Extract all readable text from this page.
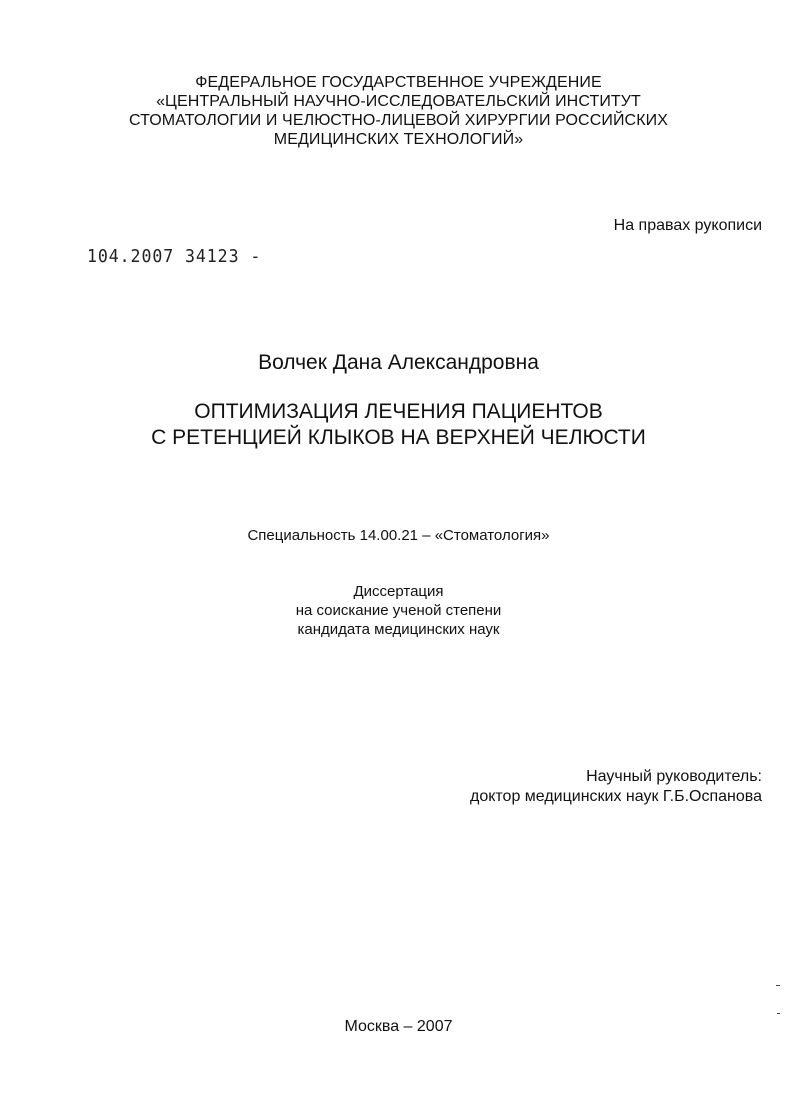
ФЕДЕРАЛЬНОЕ ГОСУДАРСТВЕННОЕ УЧРЕЖДЕНИЕ
«ЦЕНТРАЛЬНЫЙ НАУЧНО-ИССЛЕДОВАТЕЛЬСКИЙ ИНСТИТУТ
СТОМАТОЛОГИИ И ЧЕЛЮСТНО-ЛИЦЕВОЙ ХИРУРГИИ РОССИЙСКИХ
МЕДИЦИНСКИХ ТЕХНОЛОГИЙ»
На правах рукописи
104.2007 34123 -
Волчек Дана Александровна
ОПТИМИЗАЦИЯ ЛЕЧЕНИЯ ПАЦИЕНТОВ
С РЕТЕНЦИЕЙ КЛЫКОВ НА ВЕРХНЕЙ ЧЕЛЮСТИ
Специальность 14.00.21 – «Стоматология»
Диссертация
на соискание ученой степени
кандидата медицинских наук
Научный руководитель:
доктор медицинских наук Г.Б.Оспанова
Москва – 2007
